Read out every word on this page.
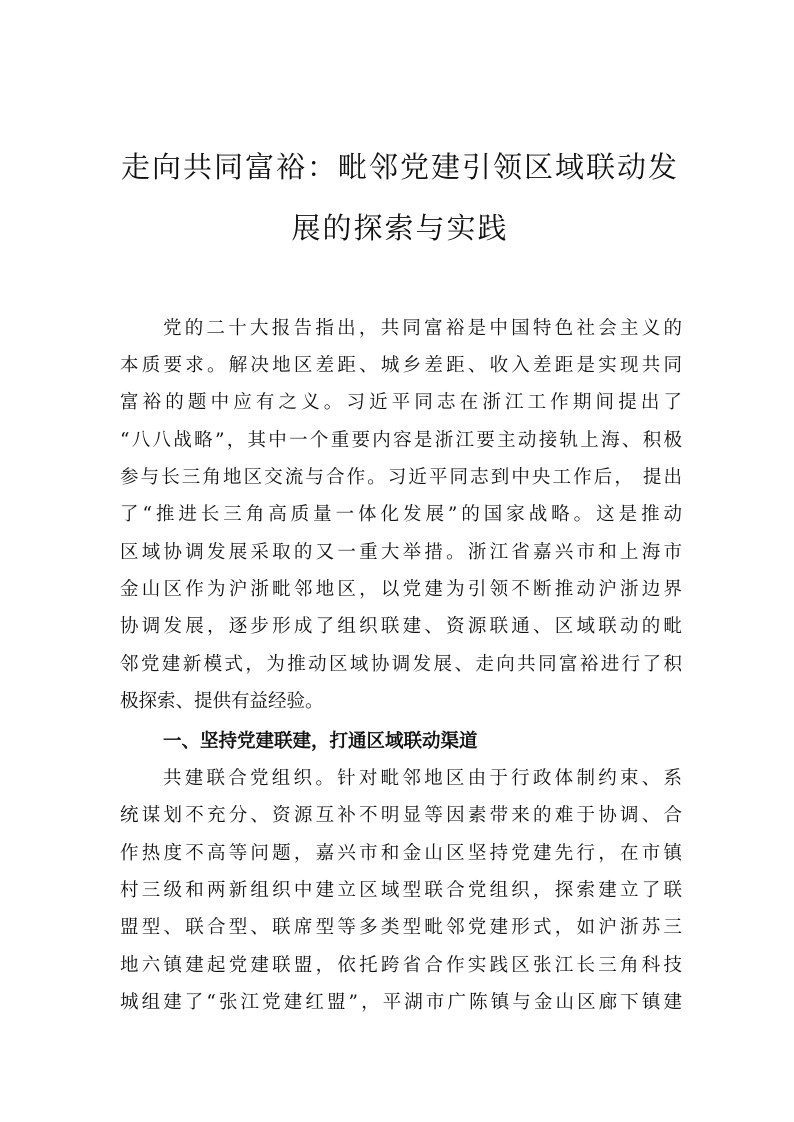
走向共同富裕：毗邻党建引领区域联动发
展的探索与实践

党的二十大报告指出，共同富裕是中国特色社会主义的

本质要求。解决地区差距、城乡差距、收入差距是实现共同

富裕的题中应有之义。习近平同志在浙江工作期间提出了

“八八战略”，其中一个重要内容是浙江要主动接轨上海、积极

参与长三角地区交流与合作。习近平同志到中央工作后， 提出

了“推进长三角高质量一体化发展”的国家战略。这是推动

区域协调发展采取的又一重大举措。浙江省嘉兴市和上海市

金山区作为沪浙毗邻地区，以党建为引领不断推动沪浙边界

协调发展，逐步形成了组织联建、资源联通、区域联动的毗

邻党建新模式，为推动区域协调发展、走向共同富裕进行了积

极探索、提供有益经验。

一、坚持党建联建，打通区域联动渠道

共建联合党组织。针对毗邻地区由于行政体制约束、系

统谋划不充分、资源互补不明显等因素带来的难于协调、合

作热度不高等问题，嘉兴市和金山区坚持党建先行，在市镇

村三级和两新组织中建立区域型联合党组织，探索建立了联

盟型、联合型、联席型等多类型毗邻党建形式，如沪浙苏三

地六镇建起党建联盟，依托跨省合作实践区张江长三角科技

城组建了“张江党建红盟”，平湖市广陈镇与金山区廊下镇建
